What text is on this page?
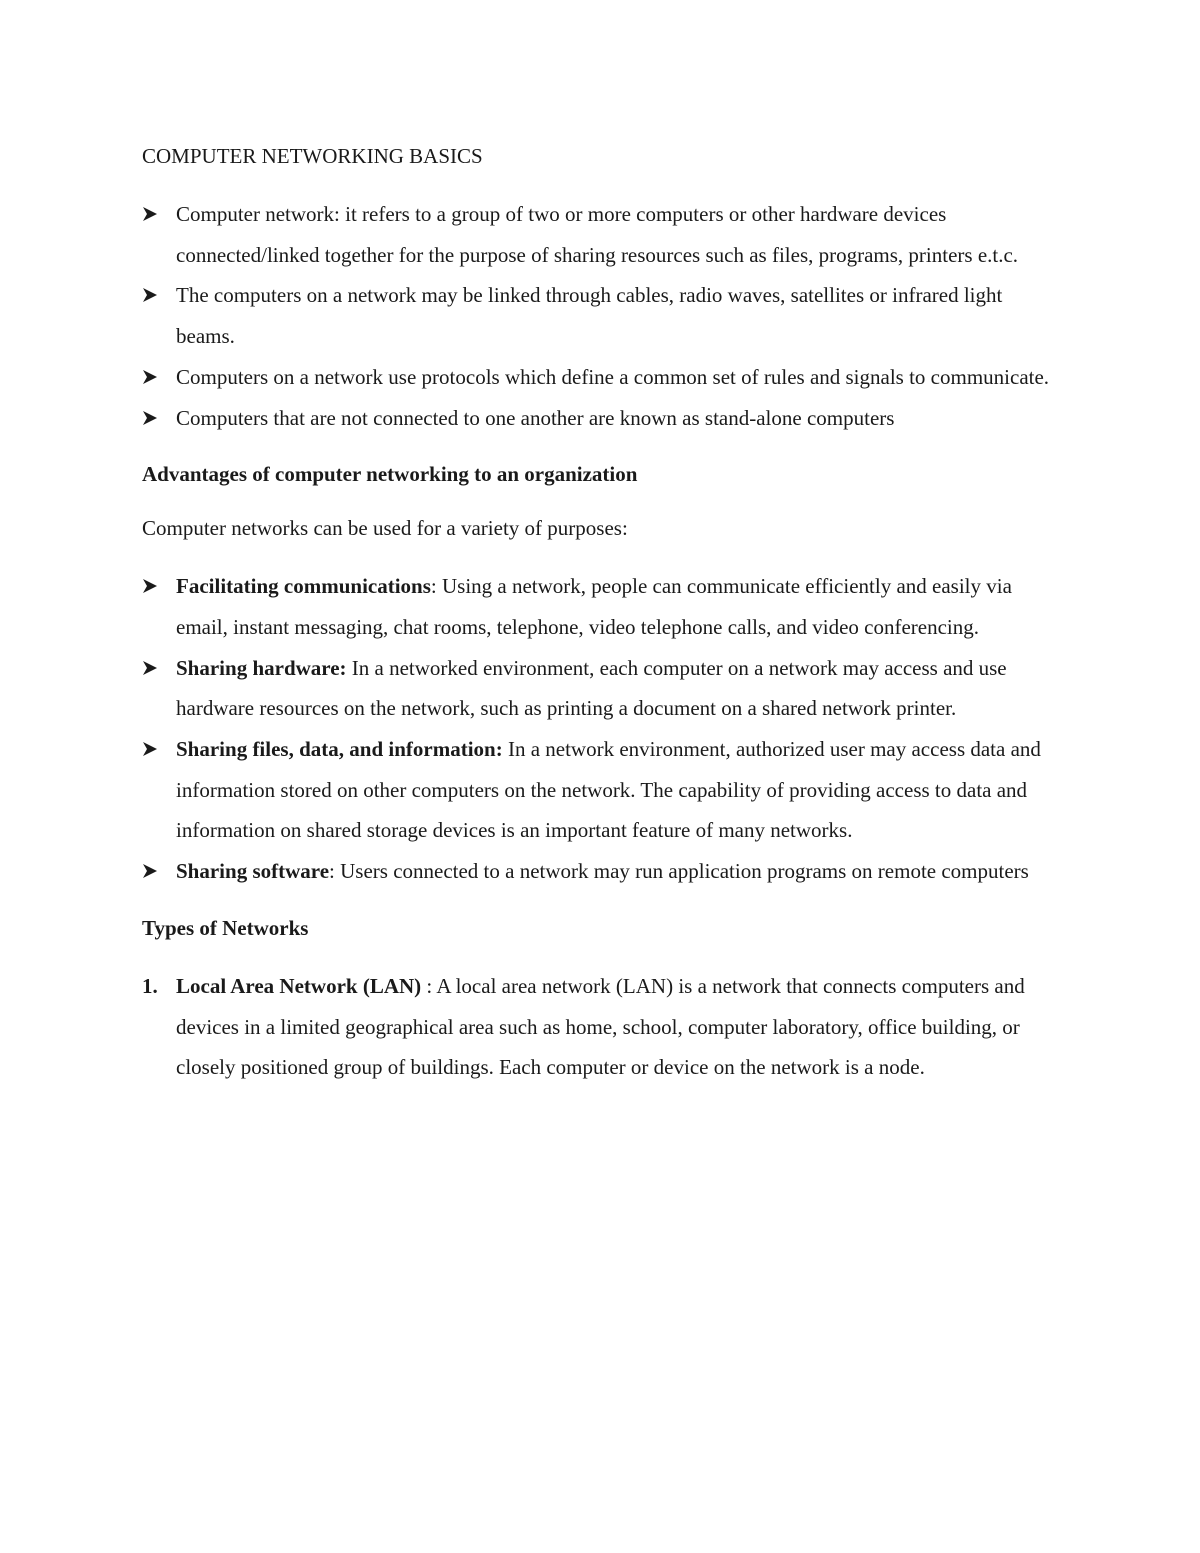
COMPUTER NETWORKING BASICS
Computer network: it refers to a group of two or more computers or other hardware devices connected/linked together for the purpose of sharing resources such as files, programs, printers e.t.c.
The computers on a network may be linked through cables, radio waves, satellites or infrared light beams.
Computers on a network use protocols which define a common set of rules and signals to communicate.
Computers that are not connected to one another are known as stand-alone computers
Advantages of computer networking to an organization
Computer networks can be used for a variety of purposes:
Facilitating communications: Using a network, people can communicate efficiently and easily via email, instant messaging, chat rooms, telephone, video telephone calls, and video conferencing.
Sharing hardware: In a networked environment, each computer on a network may access and use hardware resources on the network, such as printing a document on a shared network printer.
Sharing files, data, and information: In a network environment, authorized user may access data and information stored on other computers on the network. The capability of providing access to data and information on shared storage devices is an important feature of many networks.
Sharing software: Users connected to a network may run application programs on remote computers
Types of Networks
1. Local Area Network (LAN) : A local area network (LAN) is a network that connects computers and devices in a limited geographical area such as home, school, computer laboratory, office building, or closely positioned group of buildings. Each computer or device on the network is a node.
